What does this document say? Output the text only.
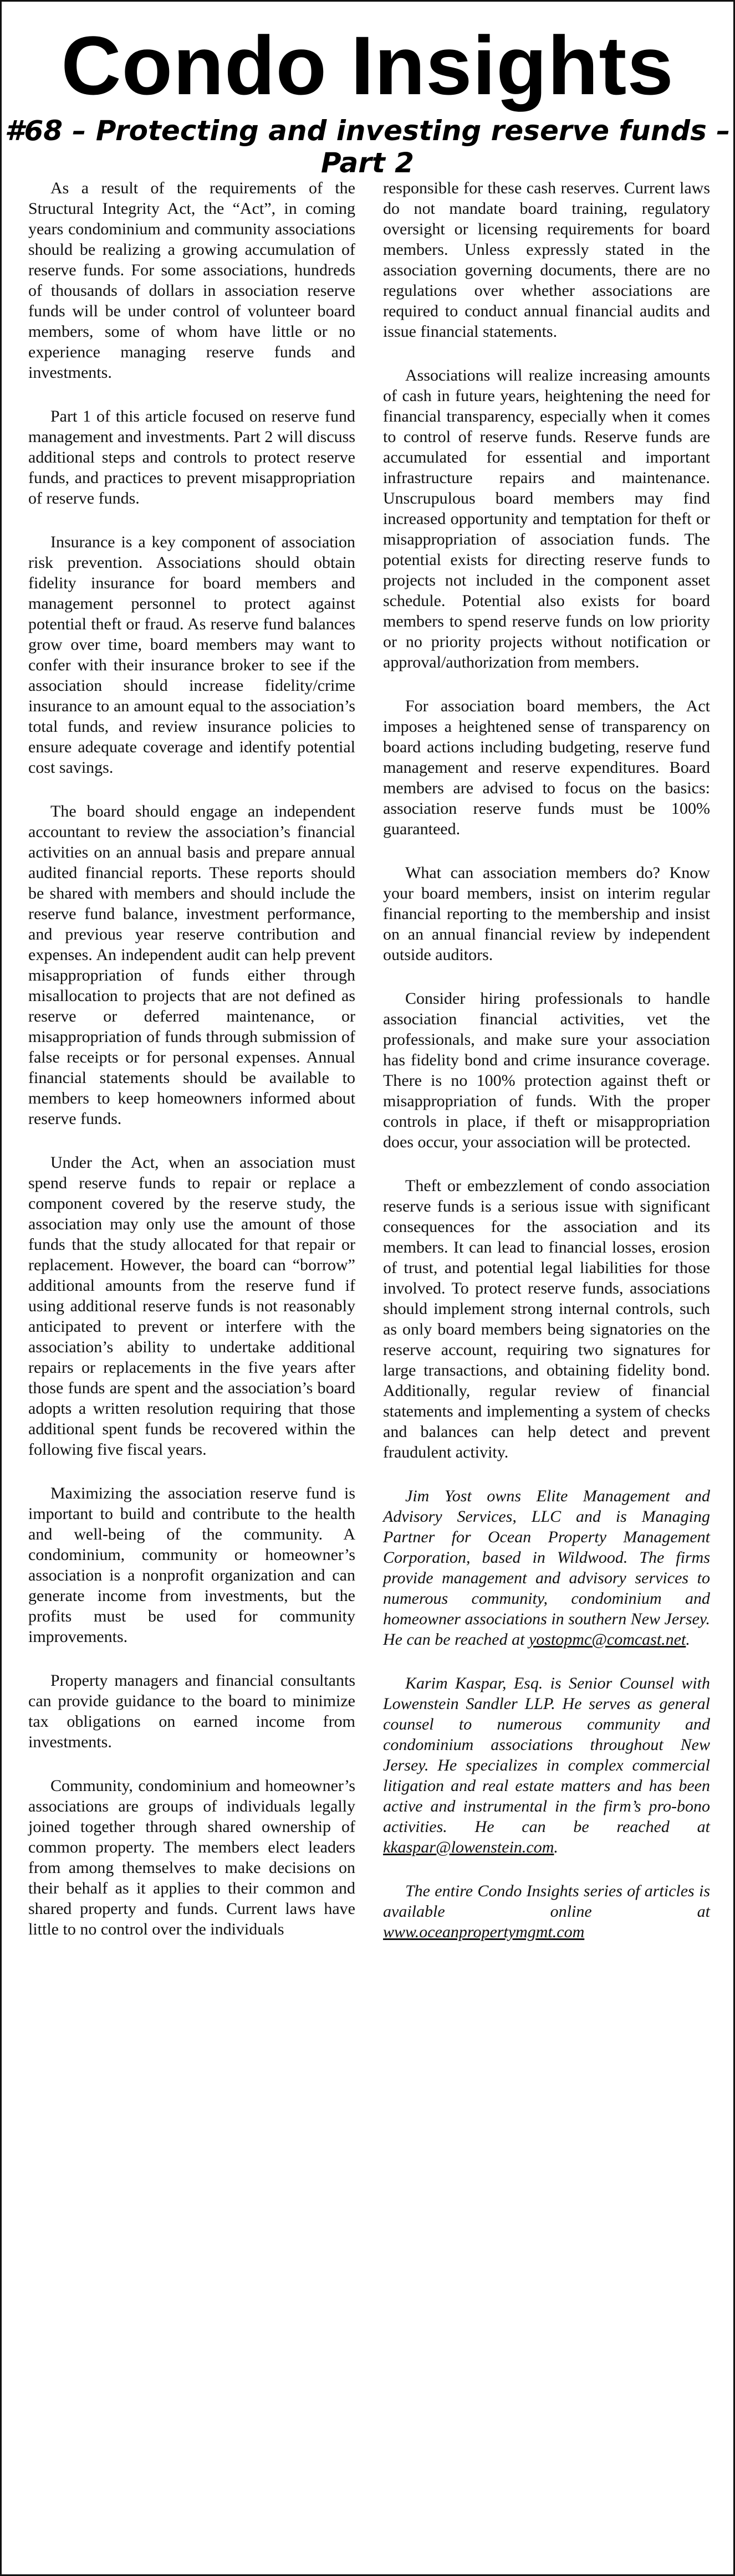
Condo Insights
#68 – Protecting and investing reserve funds – Part 2

As a result of the requirements of the Structural Integrity Act, the “Act”, in coming years condominium and community associations should be realizing a growing accumulation of reserve funds. For some associations, hundreds of thousands of dollars in association reserve funds will be under control of volunteer board members, some of whom have little or no experience managing reserve funds and investments.

Part 1 of this article focused on reserve fund management and investments. Part 2 will discuss additional steps and controls to protect reserve funds, and practices to prevent misappropriation of reserve funds.

Insurance is a key component of association risk prevention. Associations should obtain fidelity insurance for board members and management personnel to protect against potential theft or fraud. As reserve fund balances grow over time, board members may want to confer with their insurance broker to see if the association should increase fidelity/crime insurance to an amount equal to the association’s total funds, and review insurance policies to ensure adequate coverage and identify potential cost savings.

The board should engage an independent accountant to review the association’s financial activities on an annual basis and prepare annual audited financial reports. These reports should be shared with members and should include the reserve fund balance, investment performance, and previous year reserve contribution and expenses. An independent audit can help prevent misappropriation of funds either through misallocation to projects that are not defined as reserve or deferred maintenance, or misappropriation of funds through submission of false receipts or for personal expenses. Annual financial statements should be available to members to keep homeowners informed about reserve funds.

Under the Act, when an association must spend reserve funds to repair or replace a component covered by the reserve study, the association may only use the amount of those funds that the study allocated for that repair or replacement. However, the board can “borrow” additional amounts from the reserve fund if using additional reserve funds is not reasonably anticipated to prevent or interfere with the association’s ability to undertake additional repairs or replacements in the five years after those funds are spent and the association’s board adopts a written resolution requiring that those additional spent funds be recovered within the following five fiscal years.

Maximizing the association reserve fund is important to build and contribute to the health and well-being of the community. A condominium, community or homeowner’s association is a nonprofit organization and can generate income from investments, but the profits must be used for community improvements.

Property managers and financial consultants can provide guidance to the board to minimize tax obligations on earned income from investments.

Community, condominium and homeowner’s associations are groups of individuals legally joined together through shared ownership of common property. The members elect leaders from among themselves to make decisions on their behalf as it applies to their common and shared property and funds. Current laws have little to no control over the individuals

responsible for these cash reserves. Current laws do not mandate board training, regulatory oversight or licensing requirements for board members. Unless expressly stated in the association governing documents, there are no regulations over whether associations are required to conduct annual financial audits and issue financial statements.

Associations will realize increasing amounts of cash in future years, heightening the need for financial transparency, especially when it comes to control of reserve funds. Reserve funds are accumulated for essential and important infrastructure repairs and maintenance. Unscrupulous board members may find increased opportunity and temptation for theft or misappropriation of association funds. The potential exists for directing reserve funds to projects not included in the component asset schedule. Potential also exists for board members to spend reserve funds on low priority or no priority projects without notification or approval/authorization from members.

For association board members, the Act imposes a heightened sense of transparency on board actions including budgeting, reserve fund management and reserve expenditures. Board members are advised to focus on the basics: association reserve funds must be 100% guaranteed.

What can association members do? Know your board members, insist on interim regular financial reporting to the membership and insist on an annual financial review by independent outside auditors.

Consider hiring professionals to handle association financial activities, vet the professionals, and make sure your association has fidelity bond and crime insurance coverage. There is no 100% protection against theft or misappropriation of funds. With the proper controls in place, if theft or misappropriation does occur, your association will be protected.

Theft or embezzlement of condo association reserve funds is a serious issue with significant consequences for the association and its members. It can lead to financial losses, erosion of trust, and potential legal liabilities for those involved. To protect reserve funds, associations should implement strong internal controls, such as only board members being signatories on the reserve account, requiring two signatures for large transactions, and obtaining fidelity bond. Additionally, regular review of financial statements and implementing a system of checks and balances can help detect and prevent fraudulent activity.

Jim Yost owns Elite Management and Advisory Services, LLC and is Managing Partner for Ocean Property Management Corporation, based in Wildwood. The firms provide management and advisory services to numerous community, condominium and homeowner associations in southern New Jersey. He can be reached at yostopmc@comcast.net.

Karim Kaspar, Esq. is Senior Counsel with Lowenstein Sandler LLP. He serves as general counsel to numerous community and condominium associations throughout New Jersey. He specializes in complex commercial litigation and real estate matters and has been active and instrumental in the firm’s pro-bono activities. He can be reached at kkaspar@lowenstein.com.

The entire Condo Insights series of articles is available online at www.oceanpropertymgmt.com
